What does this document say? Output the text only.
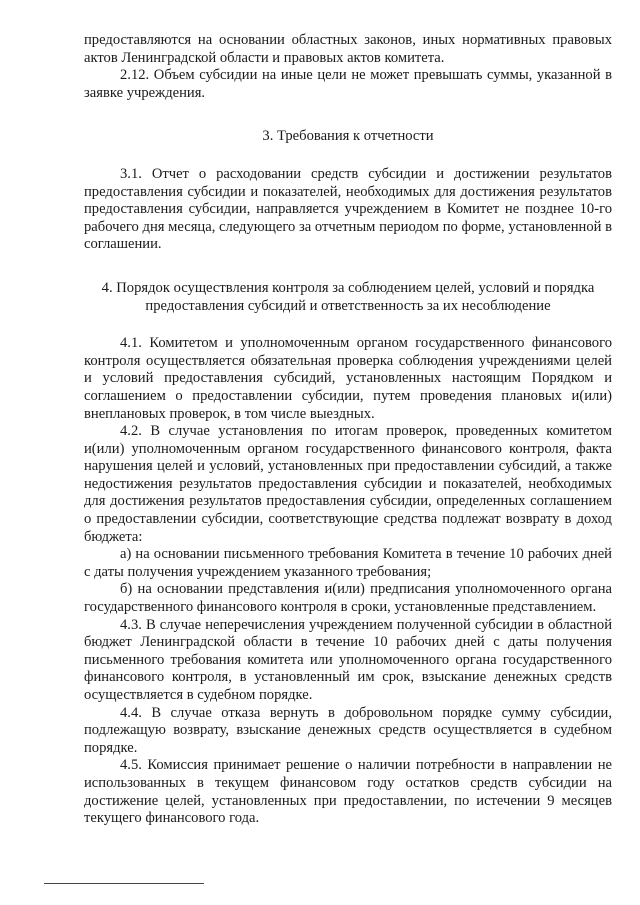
предоставляются на основании областных законов, иных нормативных правовых актов Ленинградской области и правовых актов комитета.

2.12. Объем субсидии на иные цели не может превышать суммы, указанной в заявке учреждения.

3. Требования к отчетности

3.1. Отчет о расходовании средств субсидии и достижении результатов предоставления субсидии и показателей, необходимых для достижения результатов предоставления субсидии, направляется учреждением в Комитет не позднее 10-го рабочего дня месяца, следующего за отчетным периодом по форме, установленной в соглашении.

4. Порядок осуществления контроля за соблюдением целей, условий и порядка

предоставления субсидий и ответственность за их несоблюдение

4.1. Комитетом и уполномоченным органом государственного финансового контроля осуществляется обязательная проверка соблюдения учреждениями целей и условий предоставления субсидий, установленных настоящим Порядком и соглашением о предоставлении субсидии, путем проведения плановых и(или) внеплановых проверок, в том числе выездных.

4.2. В случае установления по итогам проверок, проведенных комитетом и(или) уполномоченным органом государственного финансового контроля, факта нарушения целей и условий, установленных при предоставлении субсидий, а также недостижения результатов предоставления субсидии и показателей, необходимых для достижения результатов предоставления субсидии, определенных соглашением о предоставлении субсидии, соответствующие средства подлежат возврату в доход бюджета:

а) на основании письменного требования Комитета в течение 10 рабочих дней с даты получения учреждением указанного требования;

б) на основании представления и(или) предписания уполномоченного органа государственного финансового контроля в сроки, установленные представлением.

4.3. В случае неперечисления учреждением полученной субсидии в областной бюджет Ленинградской области в течение 10 рабочих дней с даты получения письменного требования комитета или уполномоченного органа государственного финансового контроля, в установленный им срок, взыскание денежных средств осуществляется в судебном порядке.

4.4. В случае отказа вернуть в добровольном порядке сумму субсидии, подлежащую возврату, взыскание денежных средств осуществляется в судебном порядке.

4.5. Комиссия принимает решение о наличии потребности в направлении не использованных в текущем финансовом году остатков средств субсидии на достижение целей, установленных при предоставлении, по истечении 9 месяцев текущего финансового года.
